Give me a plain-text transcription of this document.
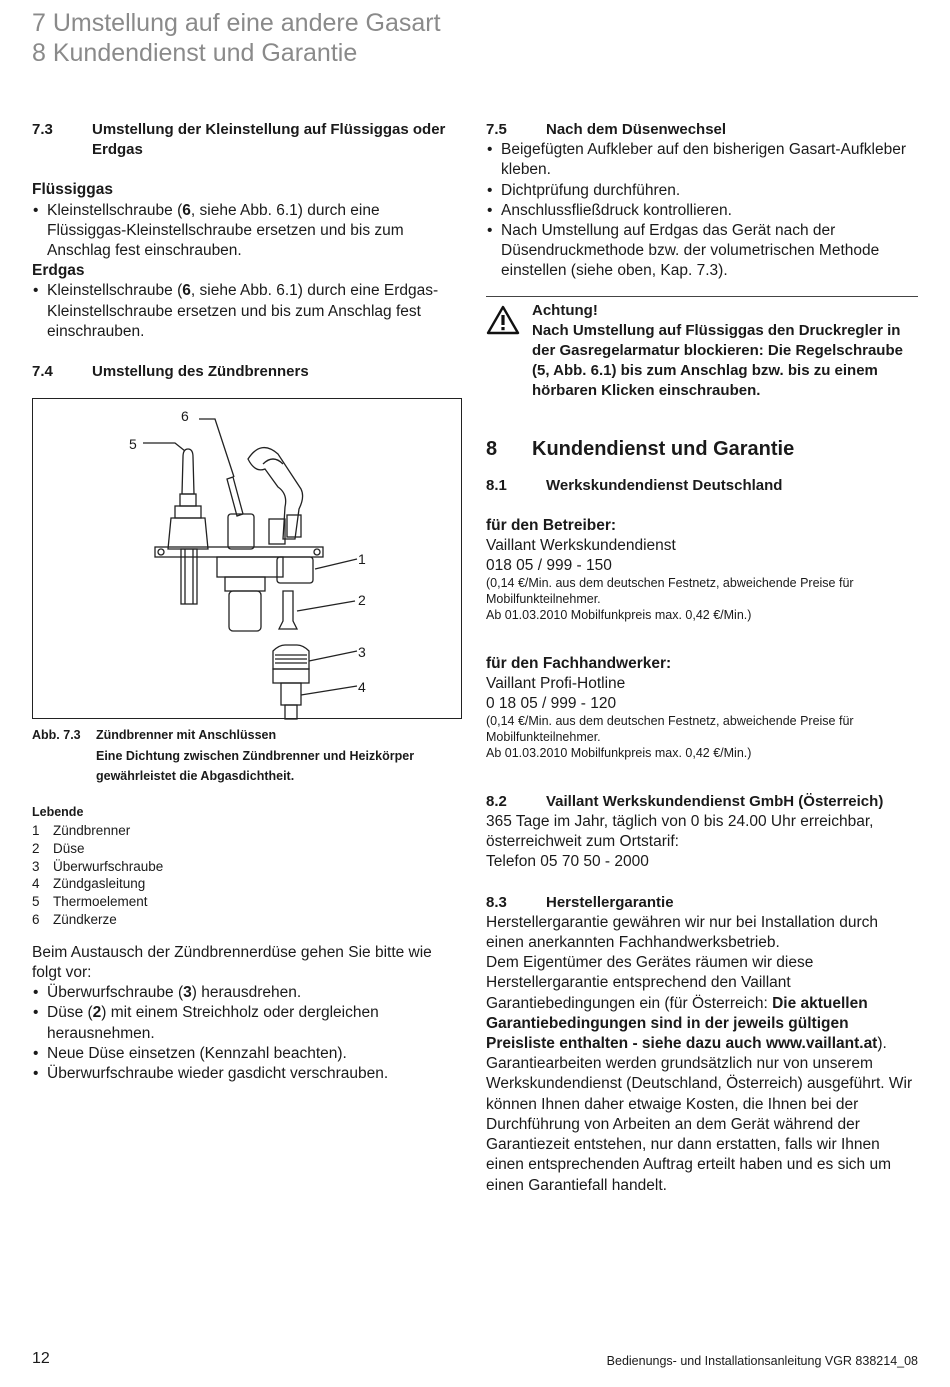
7 Umstellung auf eine andere Gasart
8 Kundendienst und Garantie
7.3	Umstellung der Kleinstellung auf Flüssiggas oder Erdgas
Flüssiggas
• Kleinstellschraube (6, siehe Abb. 6.1) durch eine Flüssiggas-Kleinstellschraube ersetzen und bis zum Anschlag fest einschrauben.
Erdgas
• Kleinstellschraube (6, siehe Abb. 6.1) durch eine Erdgas-Kleinstellschraube ersetzen und bis zum Anschlag fest einschrauben.
7.4	Umstellung des Zündbrenners
5
6
1
2
3
4
Abb. 7.3	Zündbrenner mit Anschlüssen
Eine Dichtung zwischen Zündbrenner und Heizkörper gewährleistet die Abgasdichtheit.
Lebende
1 Zündbrenner
2 Düse
3 Überwurfschraube
4 Zündgasleitung
5 Thermoelement
6 Zündkerze

Beim Austausch der Zündbrennerdüse gehen Sie bitte wie folgt vor:

• Überwurfschraube (3) herausdrehen.
• Düse (2) mit einem Streichholz oder dergleichen herausnehmen.
• Neue Düse einsetzen (Kennzahl beachten).
• Überwurfschraube wieder gasdicht verschrauben.
7.5	Nach dem Düsenwechsel
• Beigefügten Aufkleber auf den bisherigen Gasart-Aufkleber kleben.
• Dichtprüfung durchführen.
• Anschlussfließdruck kontrollieren.
• Nach Umstellung auf Erdgas das Gerät nach der Düsendruckmethode bzw. der volumetrischen Methode einstellen (siehe oben, Kap. 7.3).
Achtung!
Nach Umstellung auf Flüssiggas den Druckregler in der Gasregelarmatur blockieren: Die Regelschraube (5, Abb. 6.1) bis zum Anschlag bzw. bis zu einem hörbaren Klicken einschrauben.
8	Kundendienst und Garantie
8.1	Werkskundendienst Deutschland
für den Betreiber:
Vaillant Werkskundendienst
018 05 / 999 - 150
(0,14 €/Min. aus dem deutschen Festnetz, abweichende Preise für Mobilfunkteilnehmer.
Ab 01.03.2010 Mobilfunkpreis max. 0,42 €/Min.)
für den Fachhandwerker:
Vaillant Profi-Hotline
0 18 05 / 999 - 120
(0,14 €/Min. aus dem deutschen Festnetz, abweichende Preise für Mobilfunkteilnehmer.
Ab 01.03.2010 Mobilfunkpreis max. 0,42 €/Min.)
8.2	Vaillant Werkskundendienst GmbH (Österreich)

365 Tage im Jahr, täglich von 0 bis 24.00 Uhr erreichbar, österreichweit zum Ortstarif:

Telefon 05 70 50 - 2000

8.3	Herstellergarantie

Herstellergarantie gewähren wir nur bei Installation durch einen anerkannten Fachhandwerksbetrieb.

Dem Eigentümer des Gerätes räumen wir diese Herstellergarantie entsprechend den Vaillant Garantiebedingungen ein (für Österreich: Die aktuellen Garantiebedingungen sind in der jeweils gültigen Preisliste enthalten - siehe dazu auch www.vaillant.at).

Garantiearbeiten werden grundsätzlich nur von unserem Werkskundendienst (Deutschland, Österreich) ausgeführt. Wir können Ihnen daher etwaige Kosten, die Ihnen bei der Durchführung von Arbeiten an dem Gerät während der Garantiezeit entstehen, nur dann erstatten, falls wir Ihnen einen entsprechenden Auftrag erteilt haben und es sich um einen Garantiefall handelt.

12	Bedienungs- und Installationsanleitung VGR 838214_08
